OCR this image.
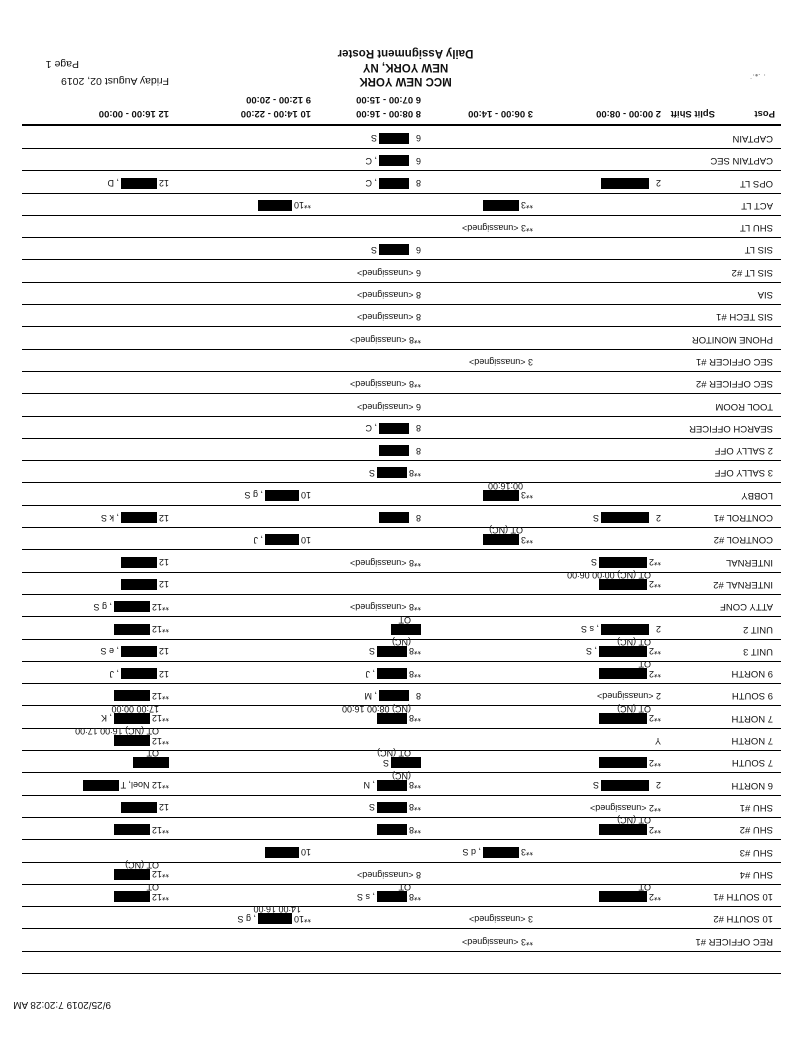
9/25/2019 7:20:28 AM
⋅ ∙•⋅˙
MCC NEW YORK
NEW YORK, NY
Daily Assignment Roster
Friday August 02, 2019
Page 1
Post
Split Shift
2 00:00 - 08:00
3 06:00 - 14:00
8 08:00 - 16:00
6 07:00 - 15:00
10 14:00 - 22:00
9 12:00 - 20:00
12 16:00 - 00:00
CAPTAIN
6
S
CAPTAIN SEC
6
, C
OPS LT
2
8
, C
12
, D
ACT LT
**3
**10
SHU LT
**3 <unassigned>
SIS LT
6
S
SIS LT #2
6 <unassigned>
SIA
8 <unassigned>
SIS TECH #1
8 <unassigned>
PHONE MONITOR
**8 <unassigned>
SEC OFFICER #1
3 <unassigned>
SEC OFFICER #2
**8 <unassigned>
TOOL ROOM
6 <unassigned>
SEARCH OFFICER
8
, C
2 SALLY OFF
8
3 SALLY OFF
**8
S
LOBBY
**3
00:16:00
10
, g S
CONTROL #1
2
S
8
12
, k S
CONTROL #2
**3
OT (NC)
10
, J
INTERNAL
**2
S
**8 <unassigned>
12
INTERNAL #2
**2
OT (NC) 00:00 06:00
12
ATTY CONF
**8 <unassigned>
**12
, g S
UNIT 2
2
, s S
OT
**12
UNIT 3
**2
, S
OT (NC)
**8
S
(NC)
12
, e S
9 NORTH
**2
OT
**8
, J
12
, J
9 SOUTH
2 <unassigned>
8
, M
**12
7 NORTH
**2
OT (NC)
**8
(NC) 08:00 16:00
**12
, K
17:00 00:00
7 NORTH
Y
**12
OT (NC) 16:00 17:00
7 SOUTH
**2
S
OT (NC)
OT
6 NORTH
2
S
**8
, N
(NC)
**12 Noel, T
SHU #1
**2 <unassigned>
**8
S
12
SHU #2
**2
OT (NC)
**8
**12
SHU #3
**3
, d S
10
SHU #4
8 <unassigned>
**12
OT (NC)
10 SOUTH #1
**2
OT
**8
, s S
OT
**12
OT
10 SOUTH #2
3 <unassigned>
**10
, g S
14:00 16:00
REC OFFICER #1
**3 <unassigned>
